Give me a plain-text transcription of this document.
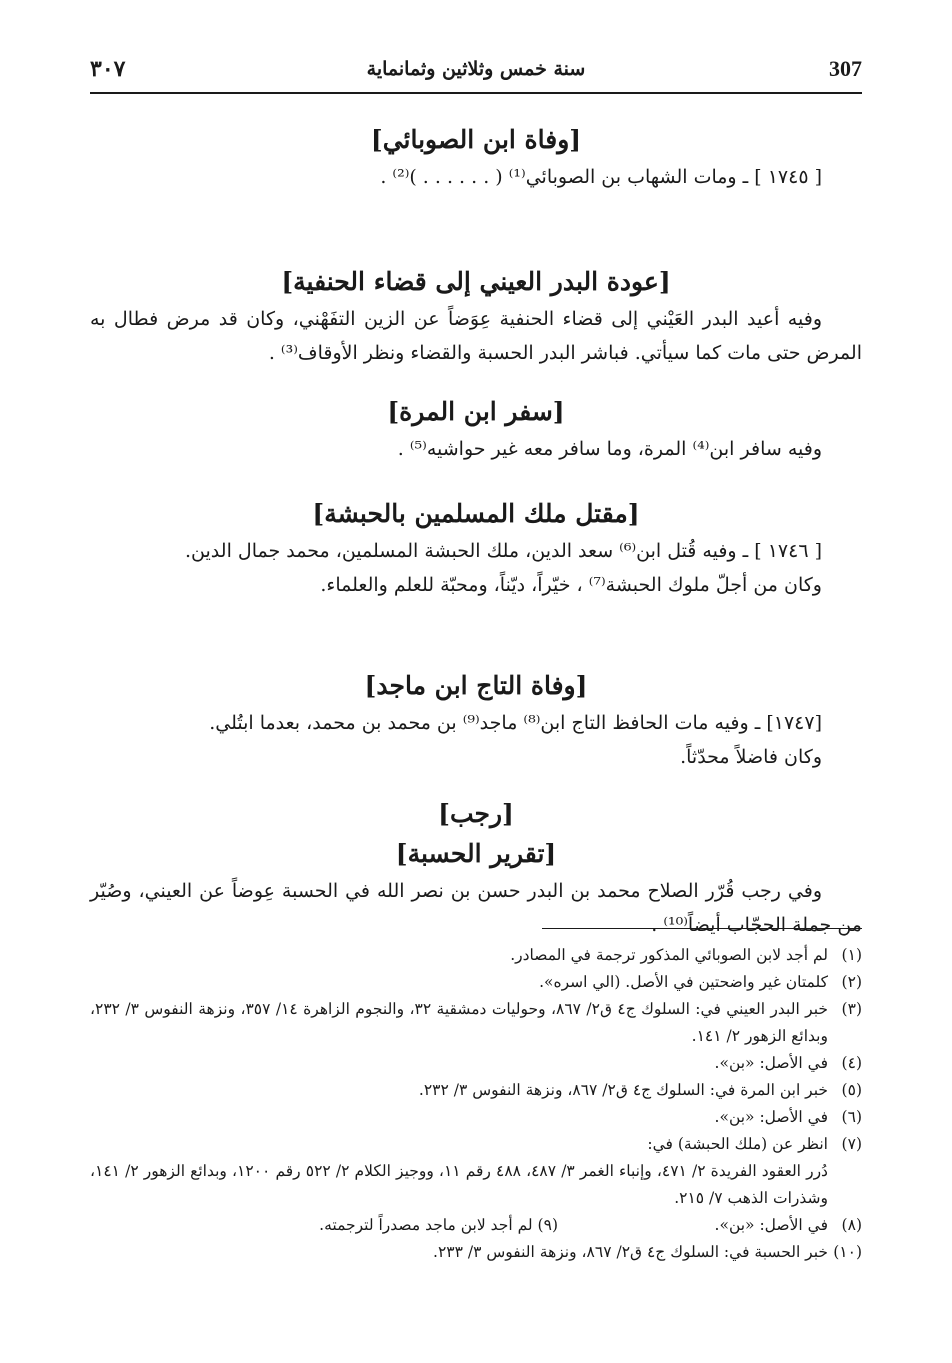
٣٠٧	سنة خمس وثلاثين وثمانماية	307
[وفاة ابن الصوبائي]

[ ١٧٤٥ ] ـ ومات الشهاب بن الصوبائي⁽¹⁾ ( . . . . . . )⁽²⁾ .

[عودة البدر العيني إلى قضاء الحنفية]

وفيه أعيد البدر العَيْني إلى قضاء الحنفية عِوَضاً عن الزين التفَهْني، وكان قد مرض فطال به المرض حتى مات كما سيأتي. فباشر البدر الحسبة والقضاء ونظر الأوقاف⁽³⁾ .

[سفر ابن المرة]

وفيه سافر ابن⁽⁴⁾ المرة، وما سافر معه غير حواشيه⁽⁵⁾ .

[مقتل ملك المسلمين بالحبشة]

[ ١٧٤٦ ] ـ وفيه قُتل ابن⁽⁶⁾ سعد الدين، ملك الحبشة المسلمين، محمد جمال الدين.

وكان من أجلّ ملوك الحبشة⁽⁷⁾ ، خيّراً، ديّناً، ومحبّة للعلم والعلماء.

[وفاة التاج ابن ماجد]

[١٧٤٧] ـ وفيه مات الحافظ التاج ابن⁽⁸⁾ ماجد⁽⁹⁾ بن محمد بن محمد، بعدما ابتُلي.

وكان فاضلاً محدّثاً.

[رجب]
[تقرير الحسبة]

وفي رجب قُرّر الصلاح محمد بن البدر حسن بن نصر الله في الحسبة عِوضاً عن العيني، وصُيّر من جملة الحجّاب أيضاً⁽¹⁰⁾ .

(١)
لم أجد لابن الصوبائي المذكور ترجمة في المصادر.

(٢)
كلمتان غير واضحتين في الأصل. (الي اسره».

(٣)
خبر البدر العيني في: السلوك ج٤ ق٢/ ٨٦٧، وحوليات دمشقية ٣٢، والنجوم الزاهرة ١٤/ ٣٥٧، ونزهة النفوس ٣/ ٢٣٢، وبدائع الزهور ٢/ ١٤١.

(٤)
في الأصل: «بن».

(٥)
خبر ابن المرة في: السلوك ج٤ ق٢/ ٨٦٧، ونزهة النفوس ٣/ ٢٣٢.

(٦)
في الأصل: «بن».

(٧)
انظر عن (ملك الحبشة) في:

دُرر العقود الفريدة ٢/ ٤٧١، وإنباء الغمر ٣/ ٤٨٧، ٤٨٨ رقم ١١، ووجيز الكلام ٢/ ٥٢٢ رقم ١٢٠٠، وبدائع الزهور ٢/ ١٤١، وشذرات الذهب ٧/ ٢١٥.

(٨)
في الأصل: «بن».
(٩) لم أجد لابن ماجد مصدراً لترجمته.

(١٠)
خبر الحسبة في: السلوك ج٤ ق٢/ ٨٦٧، ونزهة النفوس ٣/ ٢٣٣.
